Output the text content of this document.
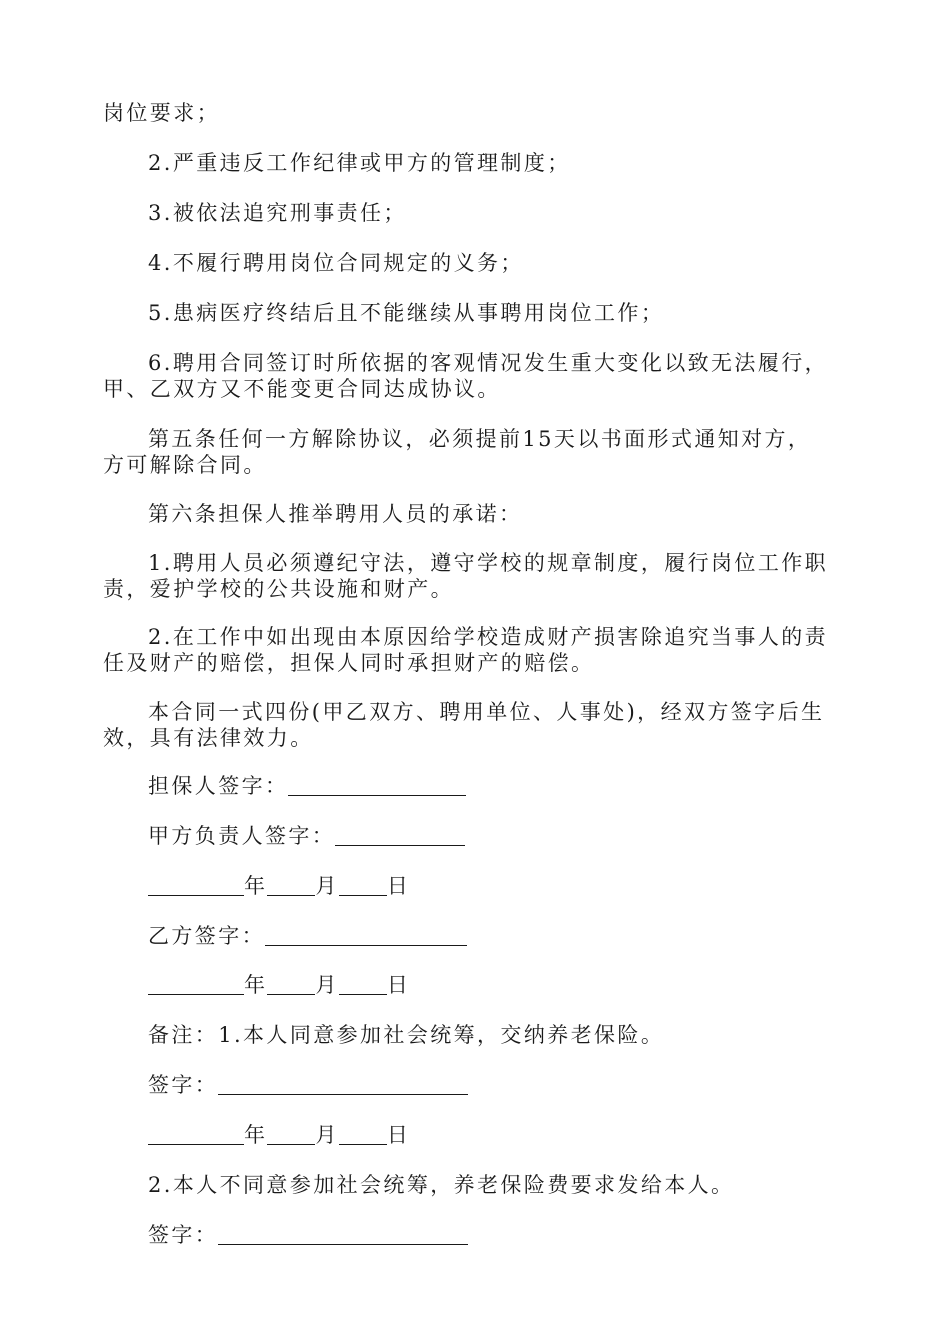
岗位要求；
2.严重违反工作纪律或甲方的管理制度；
3.被依法追究刑事责任；
4.不履行聘用岗位合同规定的义务；
5.患病医疗终结后且不能继续从事聘用岗位工作；
6.聘用合同签订时所依据的客观情况发生重大变化以致无法履行，
甲、乙双方又不能变更合同达成协议。
第五条任何一方解除协议，必须提前15天以书面形式通知对方，
方可解除合同。
第六条担保人推举聘用人员的承诺：
1.聘用人员必须遵纪守法，遵守学校的规章制度，履行岗位工作职
责，爱护学校的公共设施和财产。
2.在工作中如出现由本原因给学校造成财产损害除追究当事人的责
任及财产的赔偿，担保人同时承担财产的赔偿。
本合同一式四份(甲乙双方、聘用单位、人事处)，经双方签字后生
效，具有法律效力。
担保人签字：
甲方负责人签字：
年 月 日
乙方签字：
年 月 日
备注：1.本人同意参加社会统筹，交纳养老保险。
签字：
年 月 日
2.本人不同意参加社会统筹，养老保险费要求发给本人。
签字：
